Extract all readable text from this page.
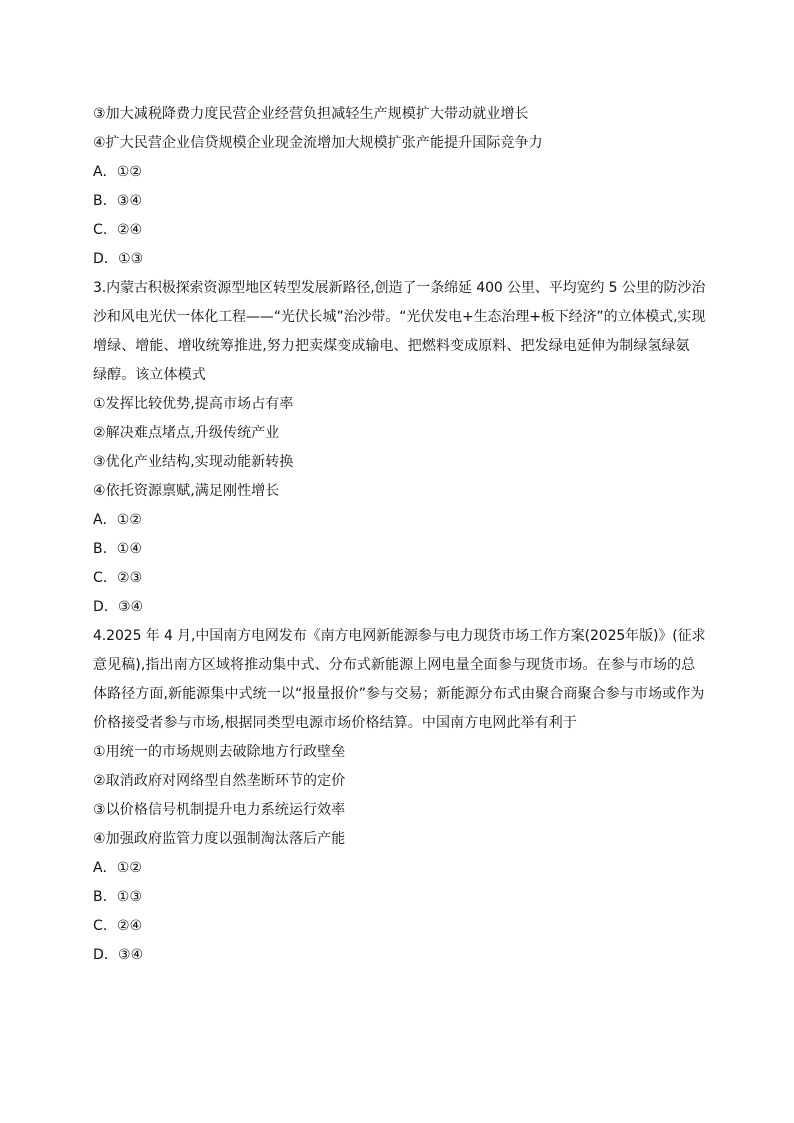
③加大减税降费力度民营企业经营负担减轻生产规模扩大带动就业增长
④扩大民营企业信贷规模企业现金流增加大规模扩张产能提升国际竞争力
A．①②
B．③④
C．②④
D．①③
3.内蒙古积极探索资源型地区转型发展新路径,创造了一条绵延 400 公里、平均宽约 5 公里的防沙治
沙和风电光伏一体化工程——“光伏长城”治沙带。“光伏发电+生态治理+板下经济”的立体模式,实现
增绿、增能、增收统筹推进,努力把卖煤变成输电、把燃料变成原料、把发绿电延伸为制绿氢绿氨
绿醇。该立体模式
①发挥比较优势,提高市场占有率
②解决难点堵点,升级传统产业
③优化产业结构,实现动能新转换
④依托资源禀赋,满足刚性增长
A．①②
B．①④
C．②③
D．③④
4.2025 年 4 月,中国南方电网发布《南方电网新能源参与电力现货市场工作方案(2025年版)》(征求
意见稿),指出南方区域将推动集中式、分布式新能源上网电量全面参与现货市场。在参与市场的总
体路径方面,新能源集中式统一以“报量报价”参与交易；新能源分布式由聚合商聚合参与市场或作为
价格接受者参与市场,根据同类型电源市场价格结算。中国南方电网此举有利于
①用统一的市场规则去破除地方行政壁垒
②取消政府对网络型自然垄断环节的定价
③以价格信号机制提升电力系统运行效率
④加强政府监管力度以强制淘汰落后产能
A．①②
B．①③
C．②④
D．③④
